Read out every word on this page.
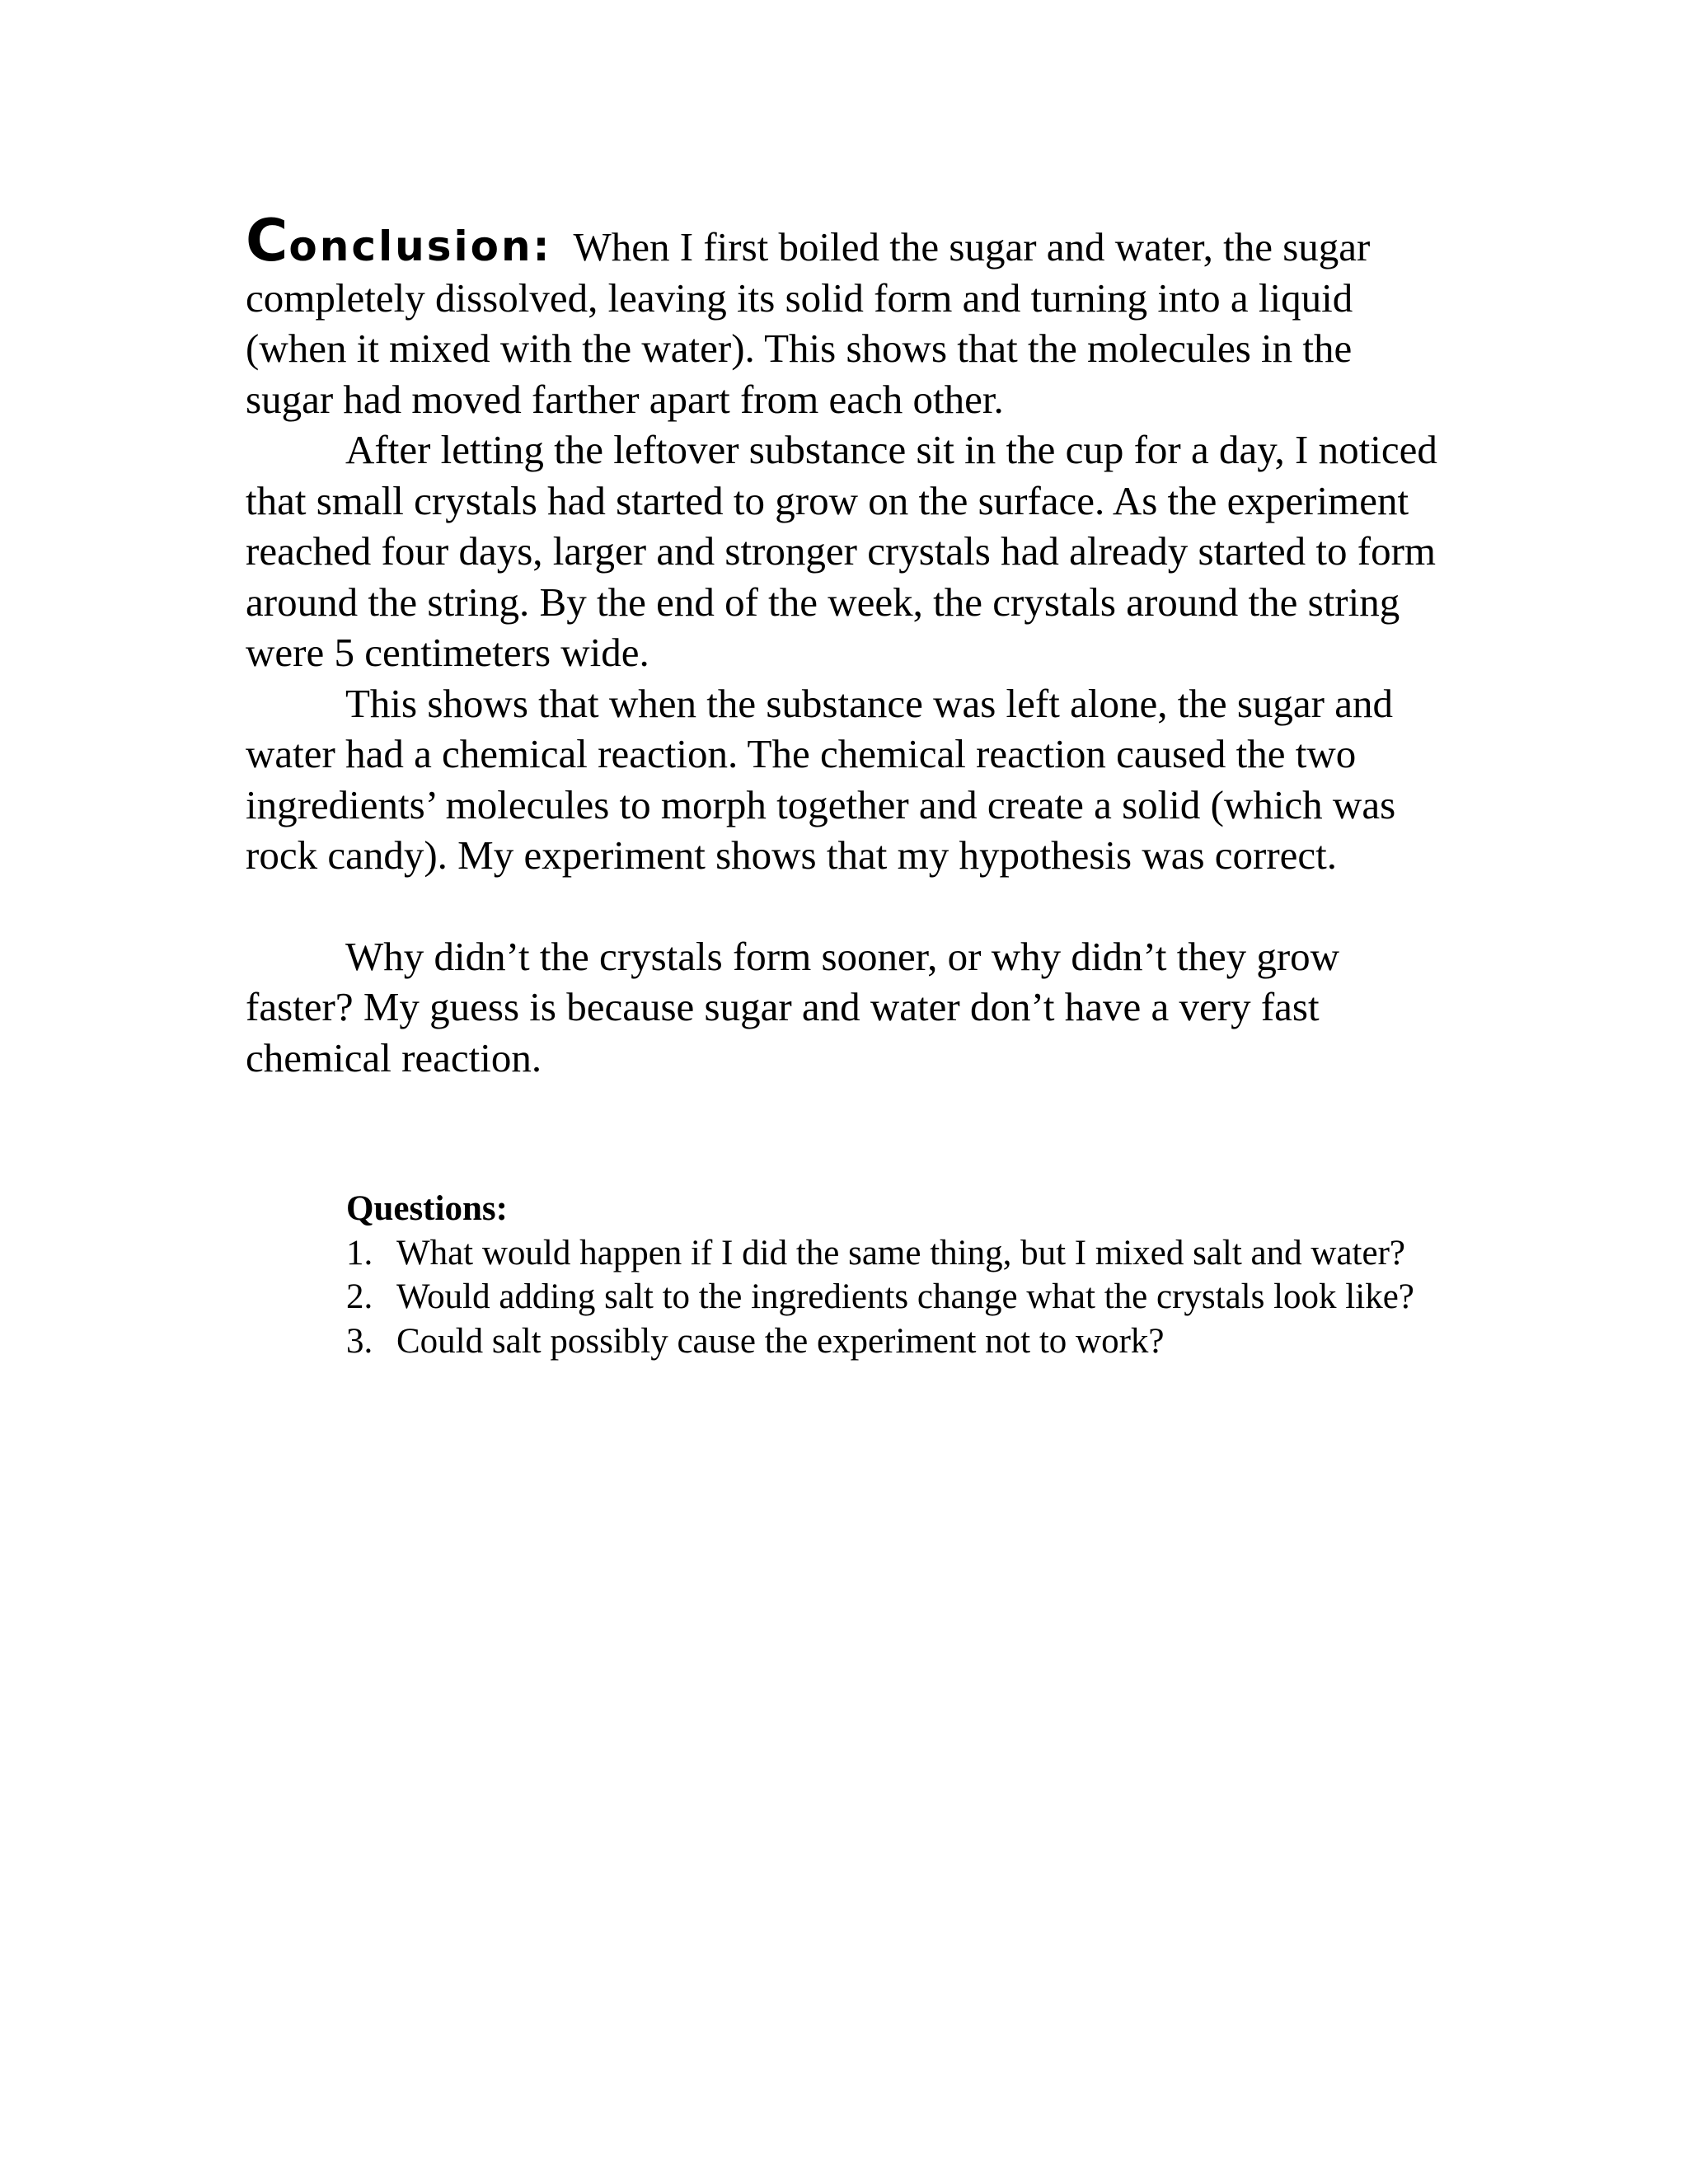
Conclusion: When I first boiled the sugar and water, the sugar completely dissolved, leaving its solid form and turning into a liquid (when it mixed with the water). This shows that the molecules in the sugar had moved farther apart from each other.

After letting the leftover substance sit in the cup for a day, I noticed that small crystals had started to grow on the surface. As the experiment reached four days, larger and stronger crystals had already started to form around the string. By the end of the week, the crystals around the string were 5 centimeters wide.

This shows that when the substance was left alone, the sugar and water had a chemical reaction. The chemical reaction caused the two ingredients’ molecules to morph together and create a solid (which was rock candy). My experiment shows that my hypothesis was correct.

Why didn’t the crystals form sooner, or why didn’t they grow faster? My guess is because sugar and water don’t have a very fast chemical reaction.

Questions:

1. What would happen if I did the same thing, but I mixed salt and water?
2. Would adding salt to the ingredients change what the crystals look like?
3. Could salt possibly cause the experiment not to work?
